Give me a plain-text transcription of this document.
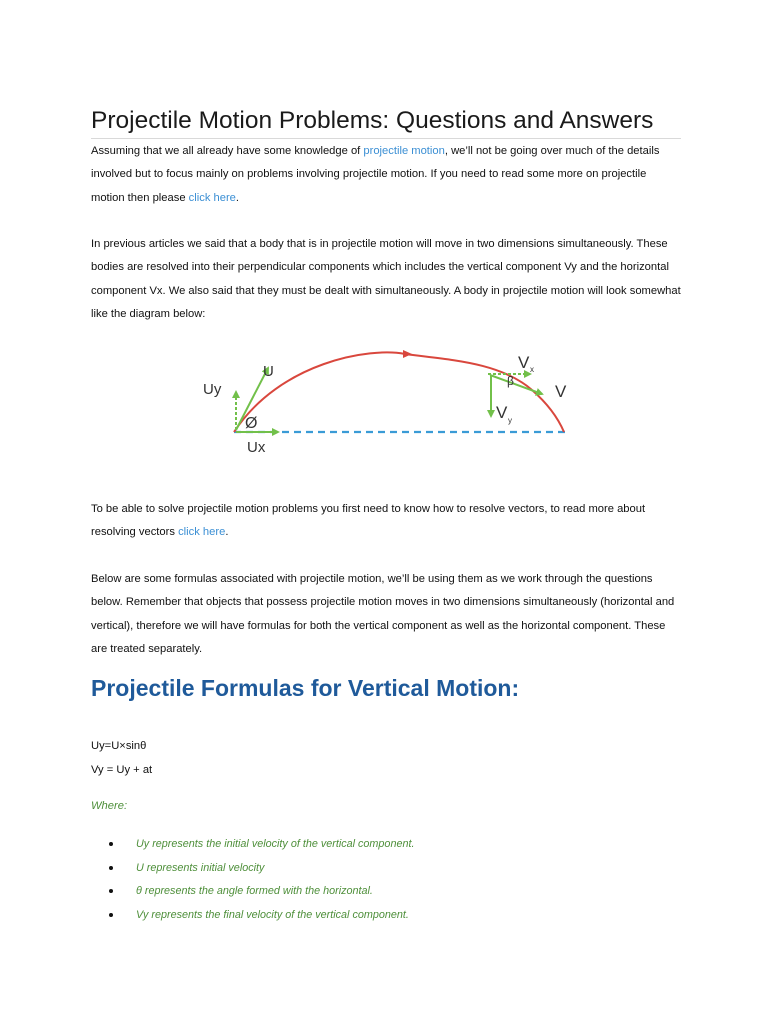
Projectile Motion Problems: Questions and Answers

Assuming that we all already have some knowledge of projectile motion, we’ll not be going over much of the details involved but to focus mainly on problems involving projectile motion. If you need to read some more on projectile motion then please click here.

In previous articles we said that a body that is in projectile motion will move in two dimensions simultaneously. These bodies are resolved into their perpendicular components which includes the vertical component Vy and the horizontal component Vx. We also said that they must be dealt with simultaneously. A body in projectile motion will look somewhat like the diagram below:

To be able to solve projectile motion problems you first need to know how to resolve vectors, to read more about resolving vectors click here.

Below are some formulas associated with projectile motion, we’ll be using them as we work through the questions below. Remember that objects that possess projectile motion moves in two dimensions simultaneously (horizontal and vertical), therefore we will have formulas for both the vertical component as well as the horizontal component. These are treated separately.

Projectile Formulas for Vertical Motion:

Uy=U×sinθ

Vy = Uy + at

Where:

Uy represents the initial velocity of the vertical component.
U represents initial velocity
θ represents the angle formed with the horizontal.
Vy represents the final velocity of the vertical component.
Uy
U
Ø
Ux
V x
β
V
V y
